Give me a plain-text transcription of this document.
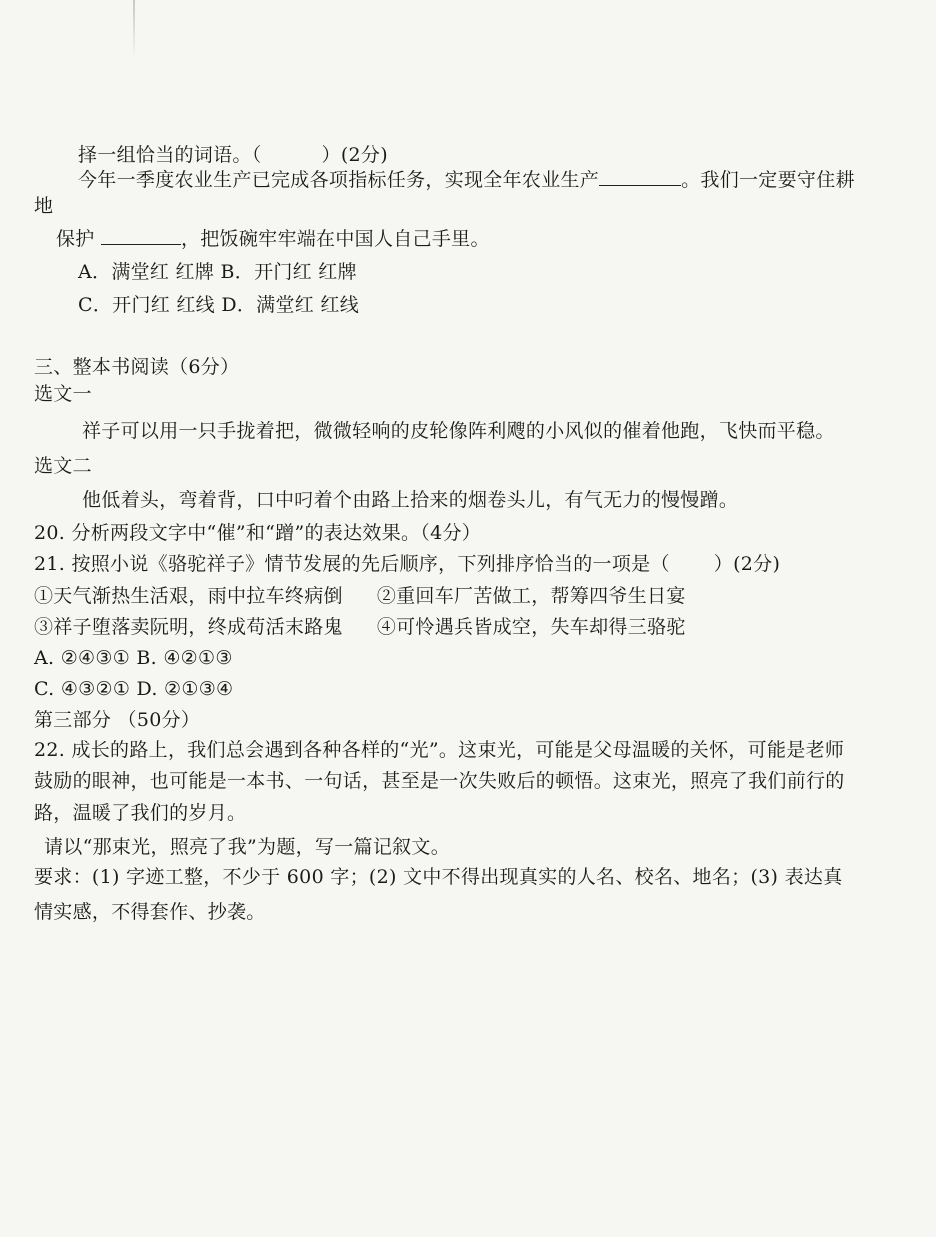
择一组恰当的词语。（	）(2分)
今年一季度农业生产已完成各项指标任务，实现全年农业生产	。我们一定要守住耕
地
保护	，把饭碗牢牢端在中国人自己手里。
A．满堂红 红牌 B．开门红 红牌
C．开门红 红线 D．满堂红 红线
三、整本书阅读（6分）
选文一
祥子可以用一只手拢着把，微微轻响的皮轮像阵利飕的小风似的催着他跑，飞快而平稳。
选文二
他低着头，弯着背，口中叼着个由路上拾来的烟卷头儿，有气无力的慢慢蹭。
20. 分析两段文字中“催”和“蹭”的表达效果。（4分）
21. 按照小说《骆驼祥子》情节发展的先后顺序，下列排序恰当的一项是（ ）(2分)
①天气渐热生活艰，雨中拉车终病倒 ②重回车厂苦做工，帮筹四爷生日宴
③祥子堕落卖阮明，终成苟活末路鬼 ④可怜遇兵皆成空，失车却得三骆驼
A. ②④③① B. ④②①③
C. ④③②① D. ②①③④
第三部分 （50分）
22. 成长的路上，我们总会遇到各种各样的“光”。这束光，可能是父母温暖的关怀，可能是老师
鼓励的眼神，也可能是一本书、一句话，甚至是一次失败后的顿悟。这束光，照亮了我们前行的
路，温暖了我们的岁月。
请以“那束光，照亮了我”为题，写一篇记叙文。
要求：(1) 字迹工整，不少于 600 字；(2) 文中不得出现真实的人名、校名、地名；(3) 表达真
情实感，不得套作、抄袭。
